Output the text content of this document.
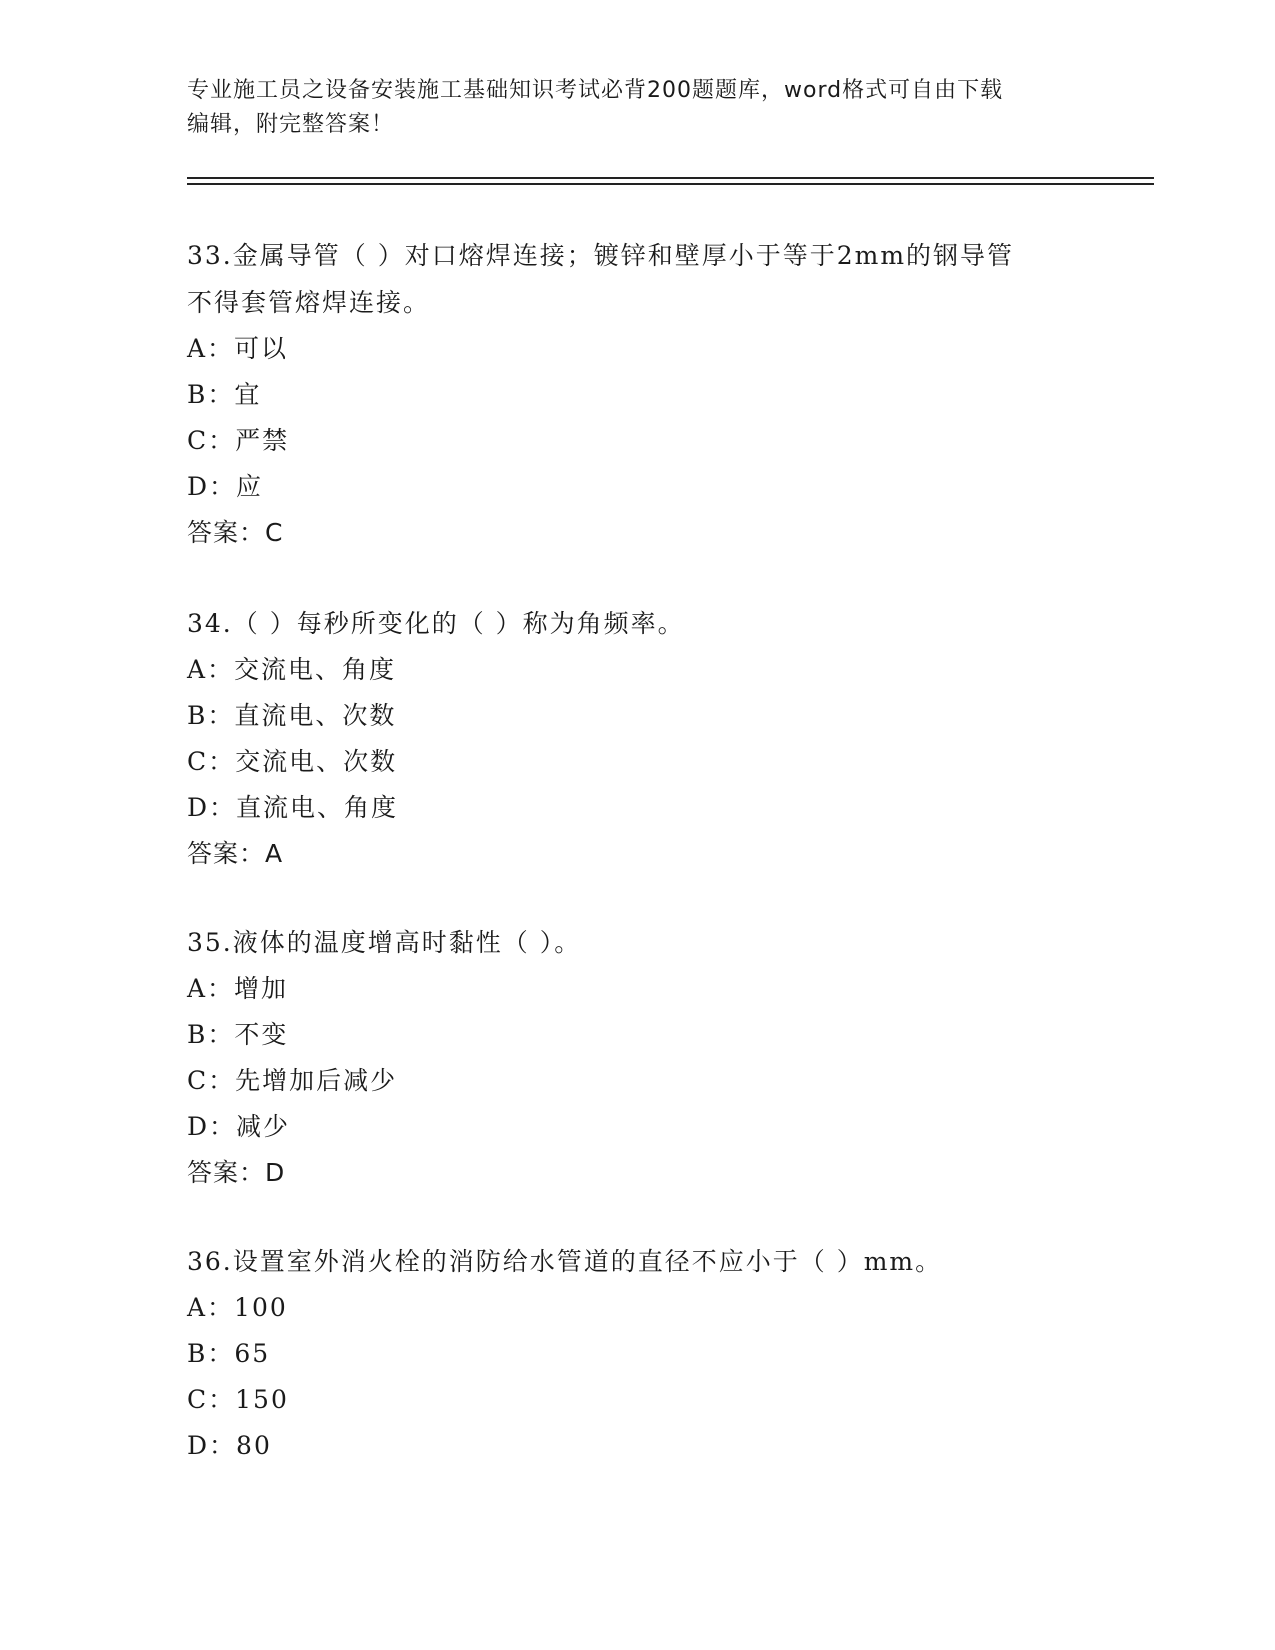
专业施工员之设备安装施工基础知识考试必背200题题库，word格式可自由下载
编辑，附完整答案！

33.金属导管（ ）对口熔焊连接；镀锌和壁厚小于等于2mm的钢导管

不得套管熔焊连接。

A：可以

B：宜

C：严禁

D：应

答案：C

34.（ ）每秒所变化的（ ）称为角频率。

A：交流电、角度

B：直流电、次数

C：交流电、次数

D：直流电、角度

答案：A

35.液体的温度增高时黏性（ ）。

A：增加

B：不变

C：先增加后减少

D：减少

答案：D

36.设置室外消火栓的消防给水管道的直径不应小于（ ）mm。

A：100

B：65

C：150

D：80
